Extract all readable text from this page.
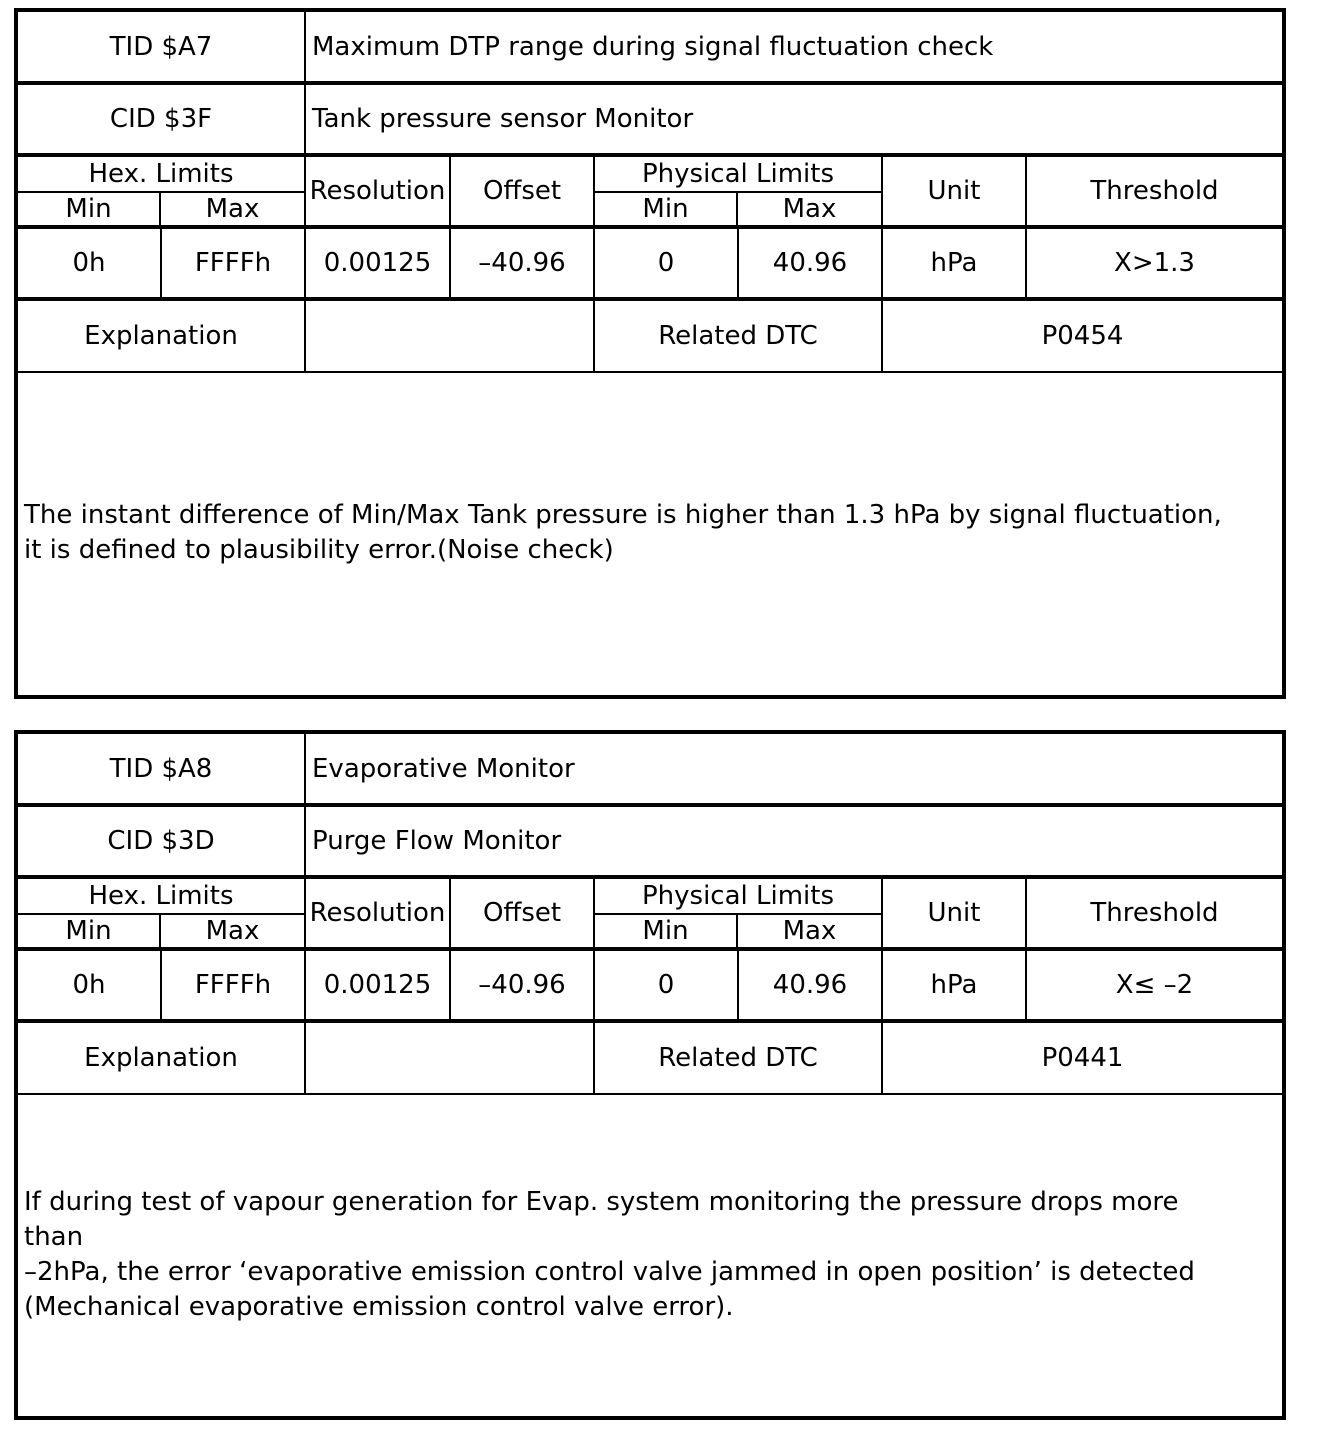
TID $A7	Maximum DTP range during signal fluctuation check
CID $3F	Tank pressure sensor Monitor
Hex. Limits
Min	Max
Resolution	Offset
Physical Limits
Min	Max
Unit	Threshold
0h	FFFFh	0.00125	–40.96	0	40.96	hPa	X>1.3
Explanation	Related DTC	P0454
The instant difference of Min/Max Tank pressure is higher than 1.3 hPa by signal fluctuation,
it is defined to plausibility error.(Noise check)
TID $A8	Evaporative Monitor
CID $3D	Purge Flow Monitor
Hex. Limits
Min	Max
Resolution	Offset
Physical Limits
Min	Max
Unit	Threshold
0h	FFFFh	0.00125	–40.96	0	40.96	hPa	X≤ –2
Explanation	Related DTC	P0441
If during test of vapour generation for Evap. system monitoring the pressure drops more
than
–2hPa, the error ‘evaporative emission control valve jammed in open position’ is detected
(Mechanical evaporative emission control valve error).
